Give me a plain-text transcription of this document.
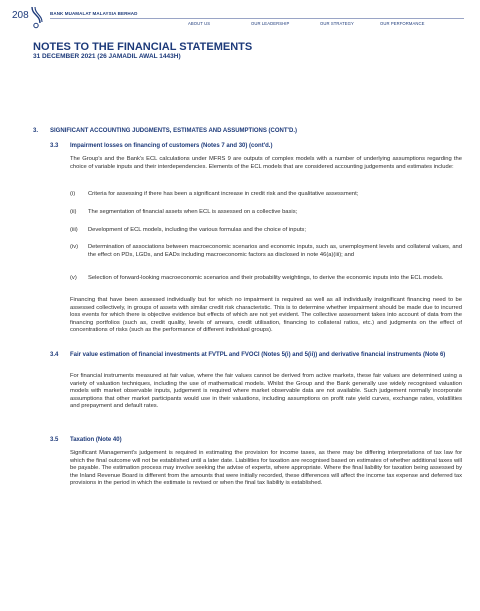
208	BANK MUAMALAT MALAYSIA BERHAD
ABOUT US	OUR LEADERSHIP	OUR STRATEGY	OUR PERFORMANCE
NOTES TO THE FINANCIAL STATEMENTS
31 DECEMBER 2021 (26 JAMADIL AWAL 1443H)
3. SIGNIFICANT ACCOUNTING JUDGMENTS, ESTIMATES AND ASSUMPTIONS (CONT'D.)
3.3 Impairment losses on financing of customers (Notes 7 and 30) (cont'd.)
The Group's and the Bank's ECL calculations under MFRS 9 are outputs of complex models with a number of underlying assumptions regarding the choice of variable inputs and their interdependencies. Elements of the ECL models that are considered accounting judgements and estimates include:
(i) Criteria for assessing if there has been a significant increase in credit risk and the qualitative assessment;
(ii) The segmentation of financial assets when ECL is assessed on a collective basis;
(iii) Development of ECL models, including the various formulas and the choice of inputs;
(iv) Determination of associations between macroeconomic scenarios and economic inputs, such as, unemployment levels and collateral values, and the effect on PDs, LGDs, and EADs including macroeconomic factors as disclosed in note 46(a)(iii); and
(v) Selection of forward-looking macroeconomic scenarios and their probability weightings, to derive the economic inputs into the ECL models.
Financing that have been assessed individually but for which no impairment is required as well as all individually insignificant financing need to be assessed collectively, in groups of assets with similar credit risk characteristic. This is to determine whether impairment should be made due to incurred loss events for which there is objective evidence but effects of which are not yet evident. The collective assessment takes into account of data from the financing portfolios (such as, credit quality, levels of arrears, credit utilisation, financing to collateral ratios, etc.) and judgments on the effect of concentrations of risks (such as the performance of different individual groups).
3.4 Fair value estimation of financial investments at FVTPL and FVOCI (Notes 5(i) and 5(ii)) and derivative financial instruments (Note 6)
For financial instruments measured at fair value, where the fair values cannot be derived from active markets, these fair values are determined using a variety of valuation techniques, including the use of mathematical models. Whilst the Group and the Bank generally use widely recognised valuation models with market observable inputs, judgement is required where market observable data are not available. Such judgement normally incorporate assumptions that other market participants would use in their valuations, including assumptions on profit rate yield curves, exchange rates, volatilities and prepayment and default rates.
3.5 Taxation (Note 40)
Significant Management's judgement is required in estimating the provision for income taxes, as there may be differing interpretations of tax law for which the final outcome will not be established until a later date. Liabilities for taxation are recognised based on estimates of whether additional taxes will be payable. The estimation process may involve seeking the advise of experts, where appropriate. Where the final liability for taxation being assessed by the Inland Revenue Board is different from the amounts that were initially recorded, these differences will affect the income tax expense and deferred tax provisions in the period in which the estimate is revised or when the final tax liability is established.
